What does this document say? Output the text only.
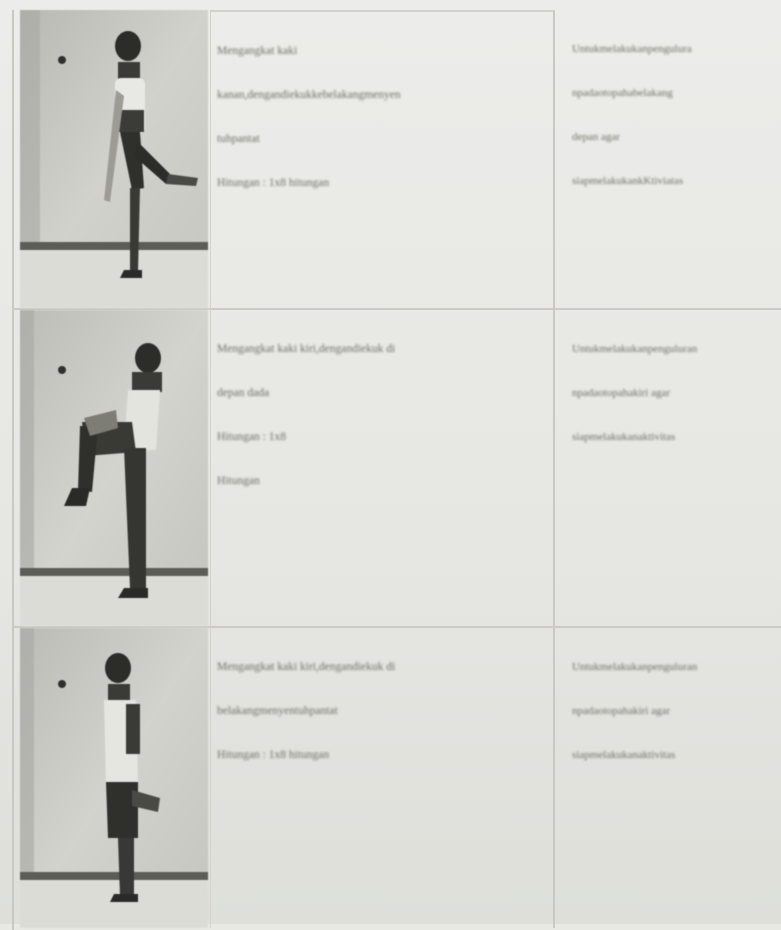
Mengangkat kaki

kanan,dengandiekukkebelakangmenyen

tuhpantat

Hitungan : 1x8 hitungan

Untukmelakukanpengulura

npadaotopahabelakang

depan agar

siapmelakukankKtiviatas

Mengangkat kaki kiri,dengandiekuk di

depan dada

Hitungan : 1x8

Hitungan

Untukmelakukanpenguluran

npadaotopahakiri agar

siapmelakukanaktivitas

Mengangkat kaki kiri,dengandiekuk di

belakangmenyentuhpantat

Hitungan : 1x8 hitungan

Untukmelakukanpenguluran

npadaotopahakiri agar

siapmelakukanaktivitas
